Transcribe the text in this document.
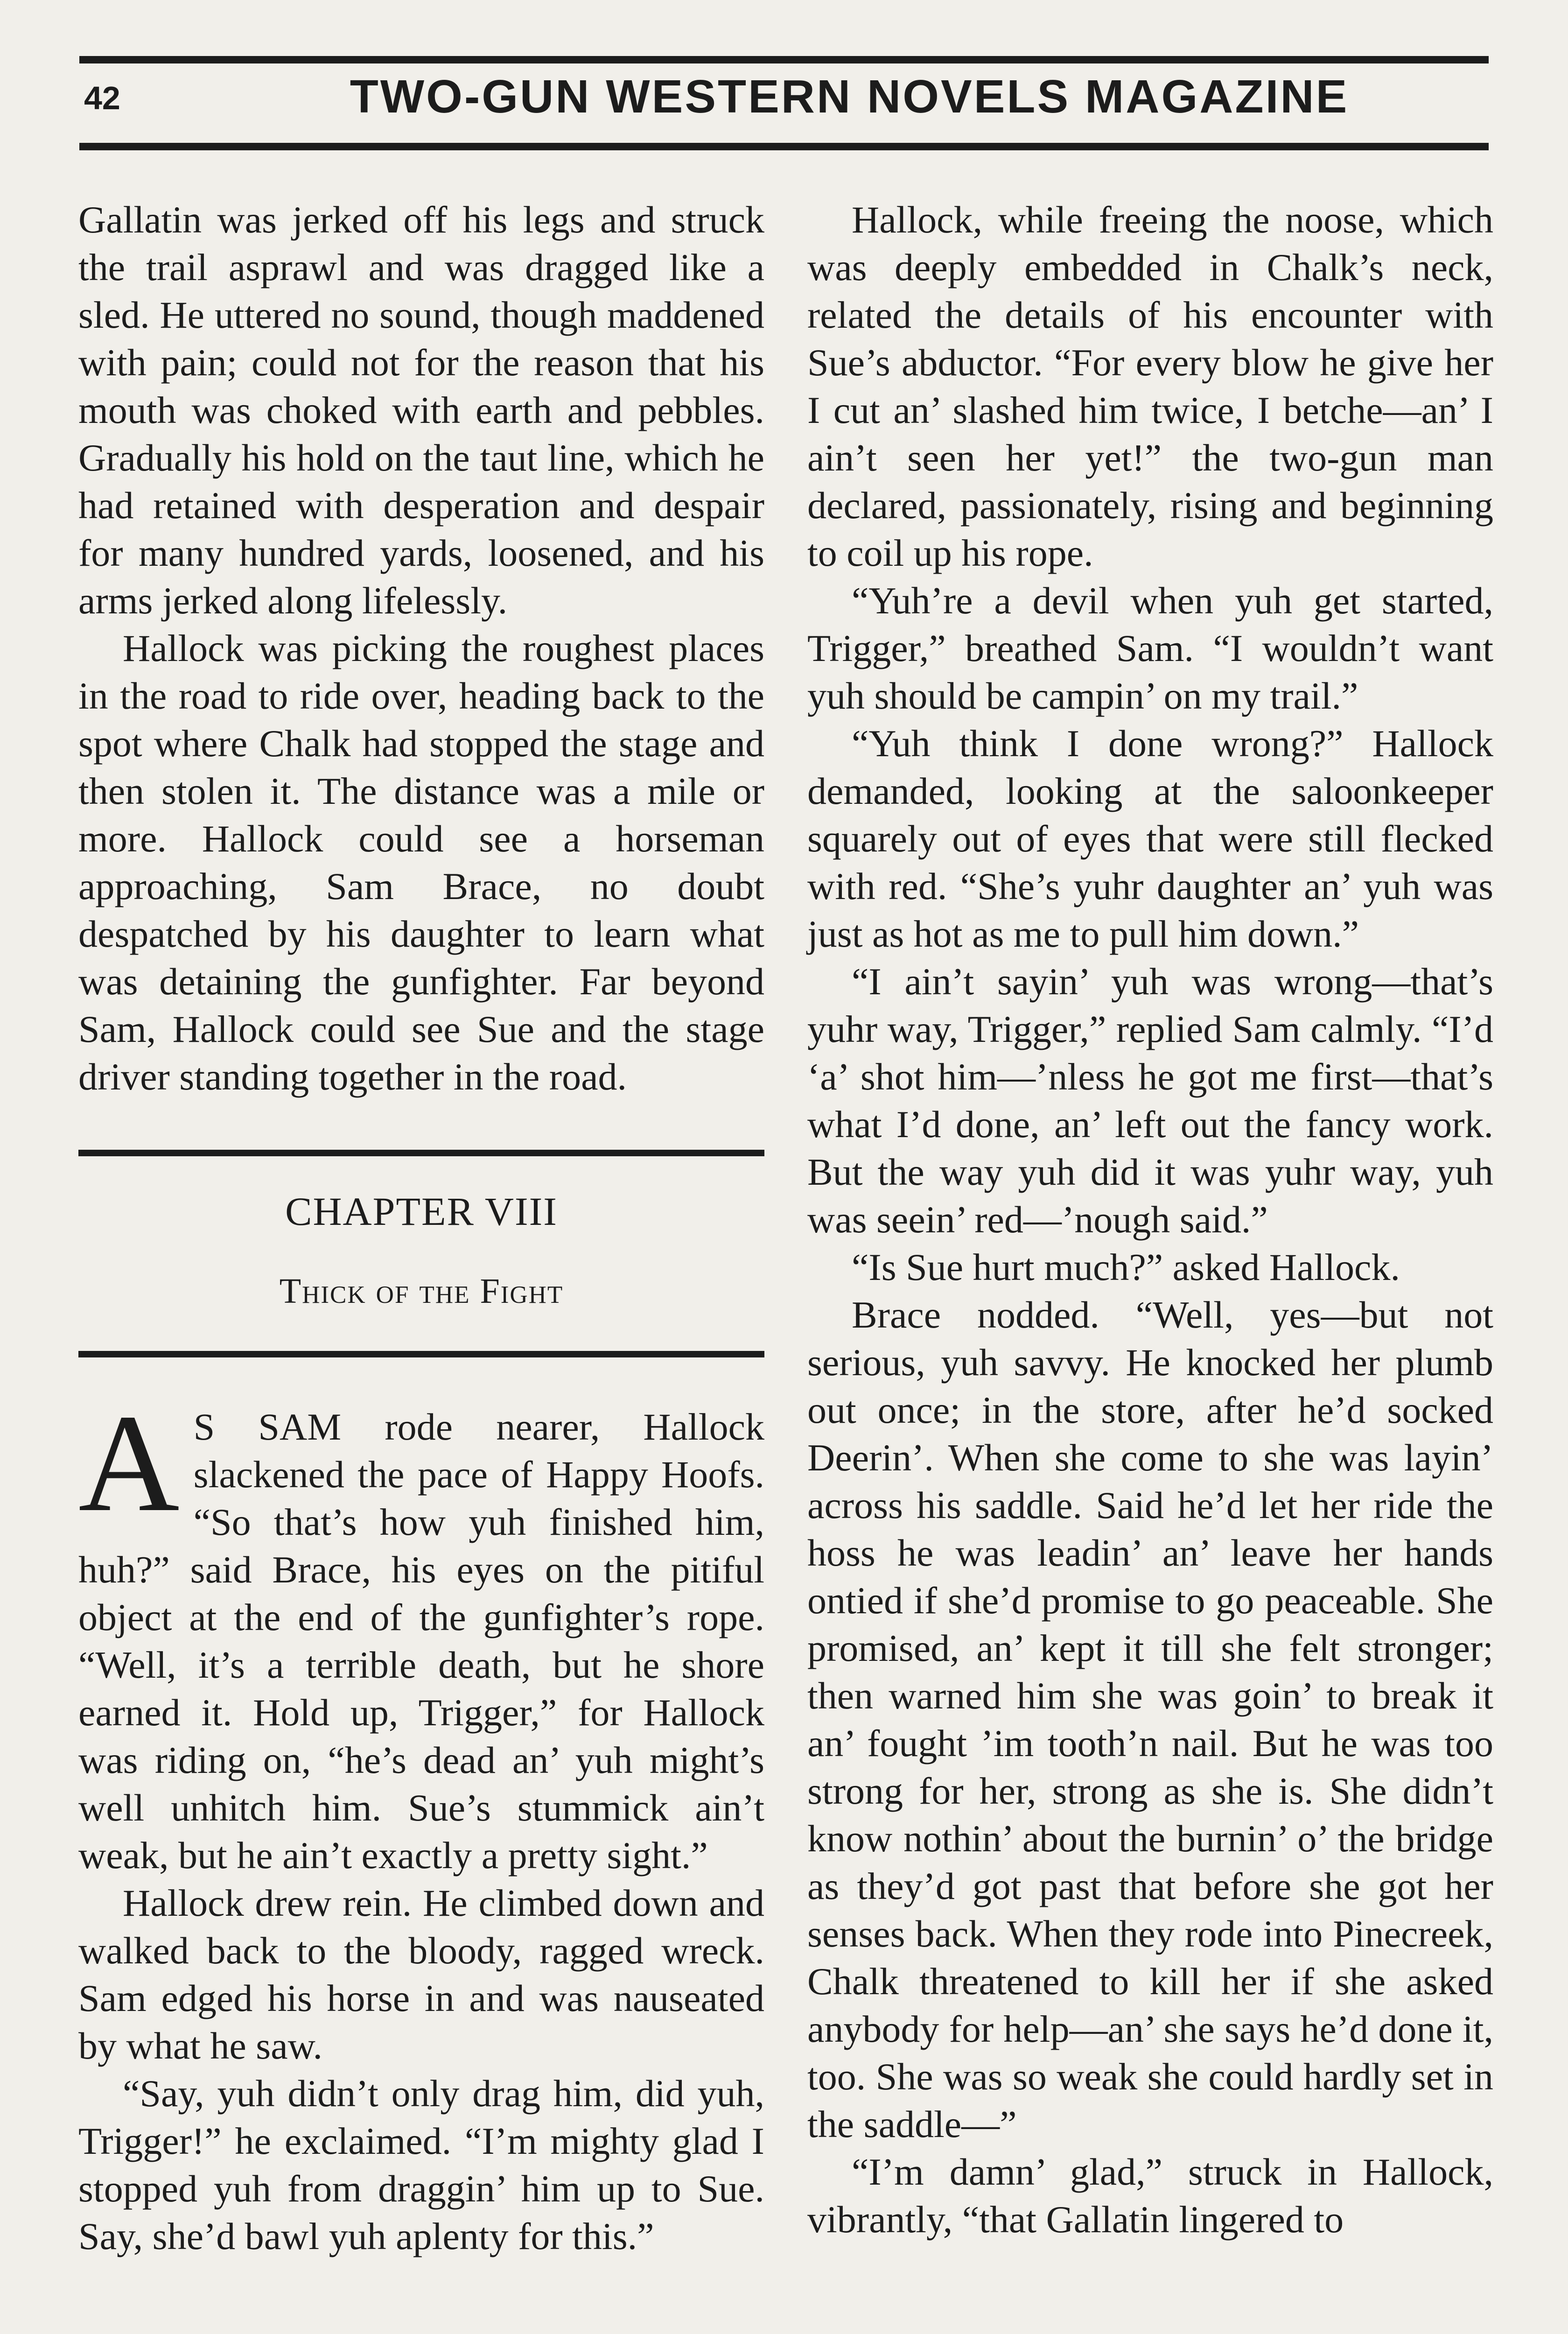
42	TWO-GUN WESTERN NOVELS MAGAZINE

Gallatin was jerked off his legs and struck the trail asprawl and was dragged like a sled. He uttered no sound, though maddened with pain; could not for the reason that his mouth was choked with earth and pebbles. Gradually his hold on the taut line, which he had retained with desperation and despair for many hundred yards, loosened, and his arms jerked along lifelessly.

Hallock was picking the roughest places in the road to ride over, heading back to the spot where Chalk had stopped the stage and then stolen it. The distance was a mile or more. Hallock could see a horseman approaching, Sam Brace, no doubt despatched by his daughter to learn what was detaining the gunfighter. Far beyond Sam, Hallock could see Sue and the stage driver standing together in the road.

CHAPTER VIII
Thick of the Fight

A S SAM rode nearer, Hallock slackened the pace of Happy Hoofs. “So that’s how yuh finished him, huh?” said Brace, his eyes on the pitiful object at the end of the gunfighter’s rope. “Well, it’s a terrible death, but he shore earned it. Hold up, Trigger,” for Hallock was riding on, “he’s dead an’ yuh might’s well unhitch him. Sue’s stummick ain’t weak, but he ain’t exactly a pretty sight.”

Hallock drew rein. He climbed down and walked back to the bloody, ragged wreck. Sam edged his horse in and was nauseated by what he saw.

“Say, yuh didn’t only drag him, did yuh, Trigger!” he exclaimed. “I’m mighty glad I stopped yuh from draggin’ him up to Sue. Say, she’d bawl yuh aplenty for this.”

Hallock, while freeing the noose, which was deeply embedded in Chalk’s neck, related the details of his encounter with Sue’s abductor. “For every blow he give her I cut an’ slashed him twice, I betche—an’ I ain’t seen her yet!” the two-gun man declared, passionately, rising and beginning to coil up his rope.

“Yuh’re a devil when yuh get started, Trigger,” breathed Sam. “I wouldn’t want yuh should be campin’ on my trail.”

“Yuh think I done wrong?” Hallock demanded, looking at the saloonkeeper squarely out of eyes that were still flecked with red. “She’s yuhr daughter an’ yuh was just as hot as me to pull him down.”

“I ain’t sayin’ yuh was wrong—that’s yuhr way, Trigger,” replied Sam calmly. “I’d ‘a’ shot him—’nless he got me first—that’s what I’d done, an’ left out the fancy work. But the way yuh did it was yuhr way, yuh was seein’ red—’nough said.”

“Is Sue hurt much?” asked Hallock.

Brace nodded. “Well, yes—but not serious, yuh savvy. He knocked her plumb out once; in the store, after he’d socked Deerin’. When she come to she was layin’ across his saddle. Said he’d let her ride the hoss he was leadin’ an’ leave her hands ontied if she’d promise to go peaceable. She promised, an’ kept it till she felt stronger; then warned him she was goin’ to break it an’ fought ’im tooth’n nail. But he was too strong for her, strong as she is. She didn’t know nothin’ about the burnin’ o’ the bridge as they’d got past that before she got her senses back. When they rode into Pinecreek, Chalk threatened to kill her if she asked anybody for help—an’ she says he’d done it, too. She was so weak she could hardly set in the saddle—”

“I’m damn’ glad,” struck in Hallock, vibrantly, “that Gallatin lingered to
